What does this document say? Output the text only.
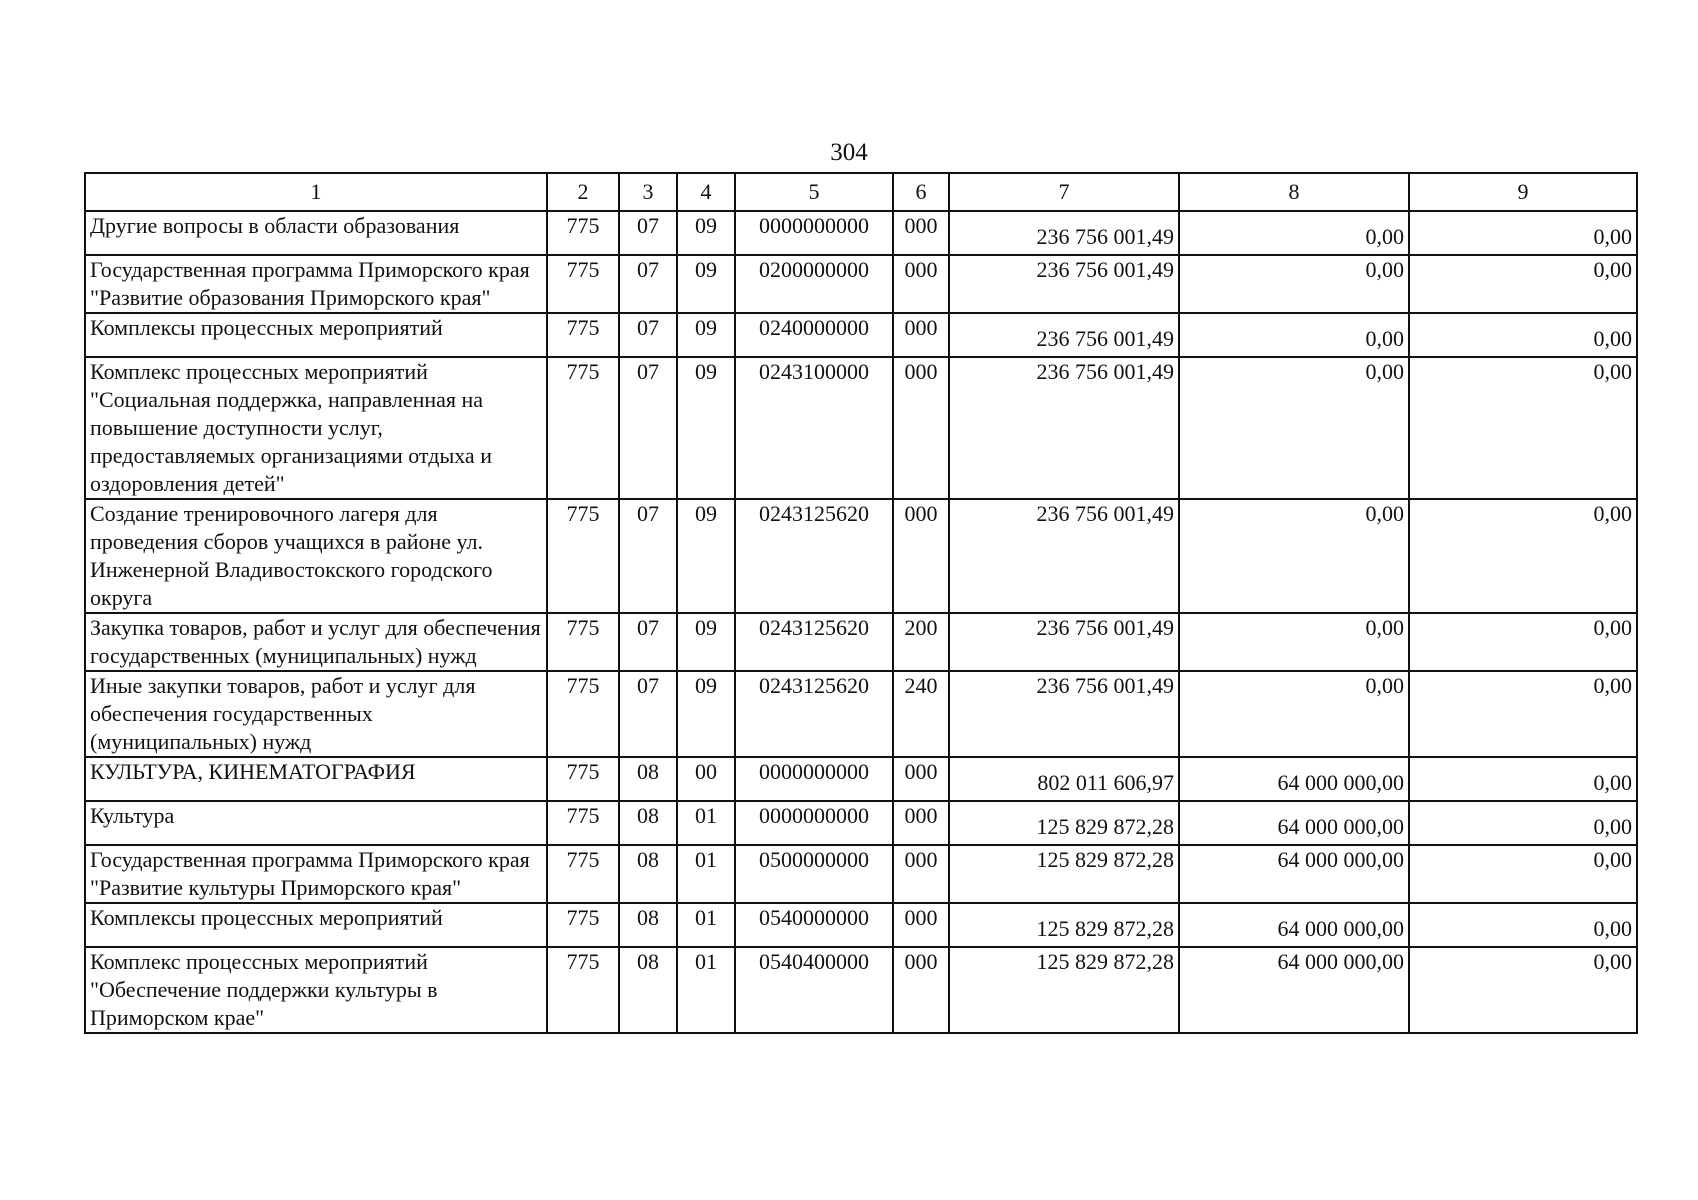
304
1	2	3	4	5	6	7	8	9
Другие вопросы в области образования	775	07	09	0000000000	000	236 756 001,49	0,00	0,00

Государственная программа Приморского края "Развитие образования Приморского края"	775	07	09	0200000000	000	236 756 001,49	0,00	0,00

Комплексы процессных мероприятий	775	07	09	0240000000	000	236 756 001,49	0,00	0,00

Комплекс процессных мероприятий "Социальная поддержка, направленная на повышение доступности услуг, предоставляемых организациями отдыха и оздоровления детей"	775	07	09	0243100000	000	236 756 001,49	0,00	0,00

Создание тренировочного лагеря для проведения сборов учащихся в районе ул. Инженерной Владивостокского городского округа	775	07	09	0243125620	000	236 756 001,49	0,00	0,00

Закупка товаров, работ и услуг для обеспечения государственных (муниципальных) нужд	775	07	09	0243125620	200	236 756 001,49	0,00	0,00

Иные закупки товаров, работ и услуг для обеспечения государственных (муниципальных) нужд	775	07	09	0243125620	240	236 756 001,49	0,00	0,00

КУЛЬТУРА, КИНЕМАТОГРАФИЯ	775	08	00	0000000000	000	802 011 606,97	64 000 000,00	0,00

Культура	775	08	01	0000000000	000	125 829 872,28	64 000 000,00	0,00

Государственная программа Приморского края "Развитие культуры Приморского края"	775	08	01	0500000000	000	125 829 872,28	64 000 000,00	0,00

Комплексы процессных мероприятий	775	08	01	0540000000	000	125 829 872,28	64 000 000,00	0,00

Комплекс процессных мероприятий "Обеспечение поддержки культуры в Приморском крае"	775	08	01	0540400000	000	125 829 872,28	64 000 000,00	0,00
